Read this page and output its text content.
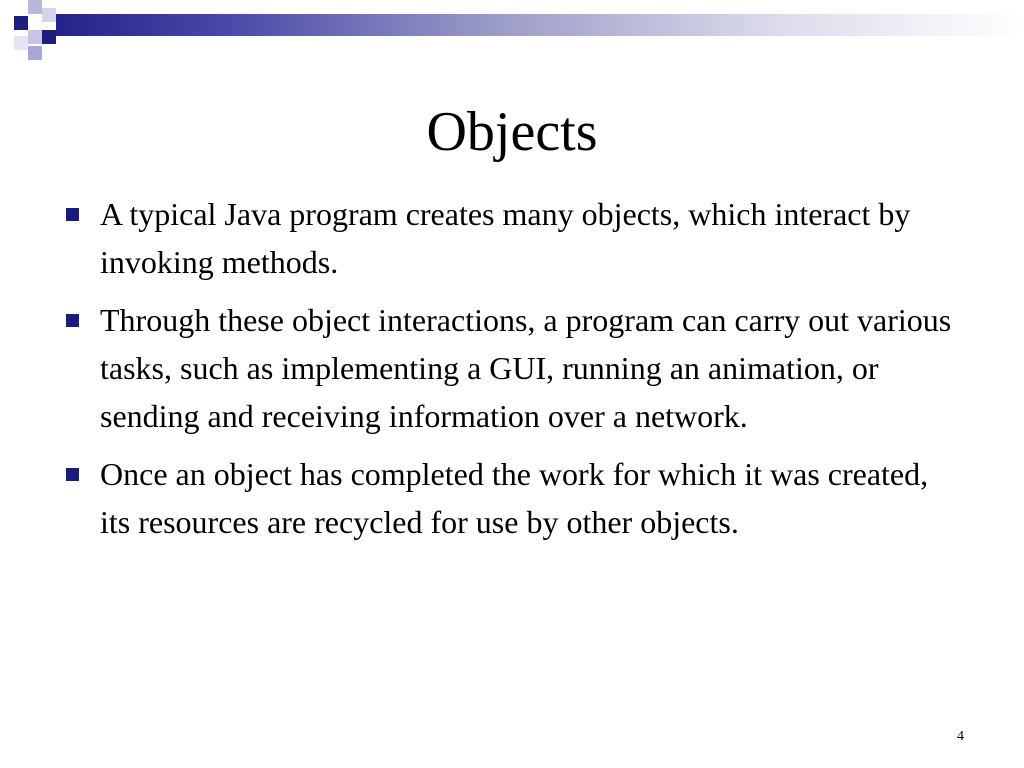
Objects
A typical Java program creates many objects, which interact by invoking methods.
Through these object interactions, a program can carry out various tasks, such as implementing a GUI, running an animation, or sending and receiving information over a network.
Once an object has completed the work for which it was created, its resources are recycled for use by other objects.
4
